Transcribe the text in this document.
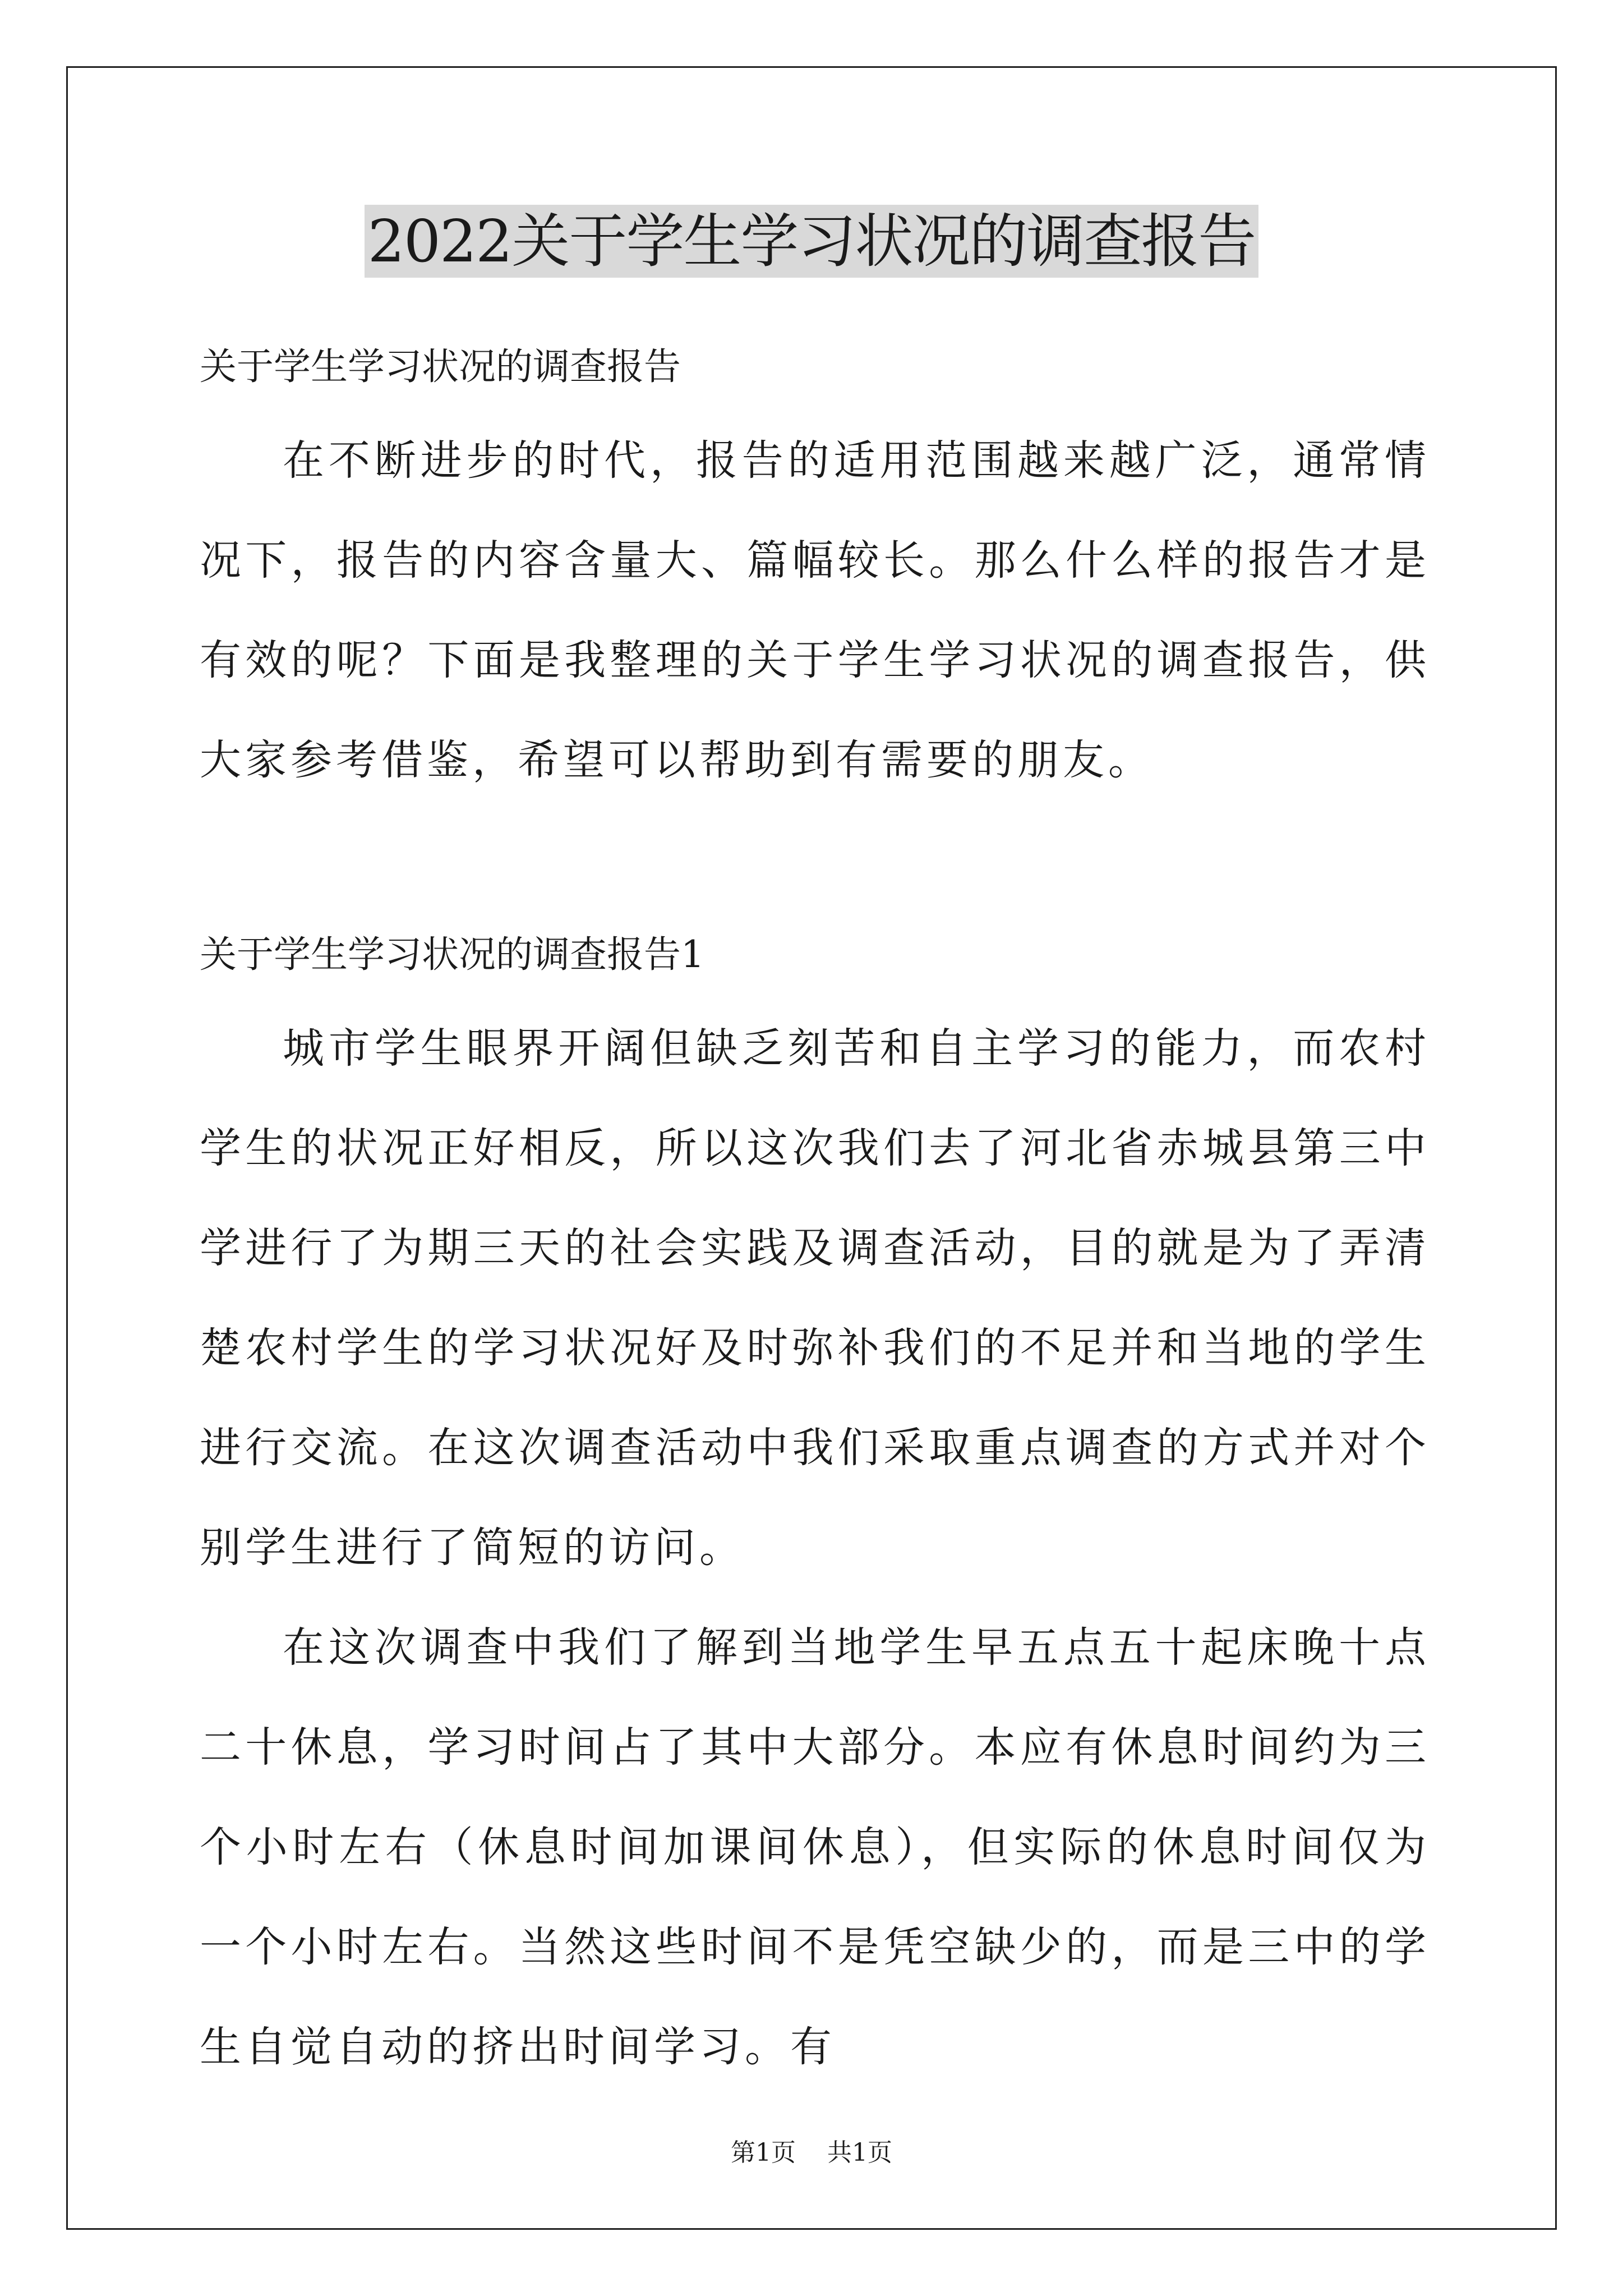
2022关于学生学习状况的调查报告

关于学生学习状况的调查报告

在不断进步的时代，报告的适用范围越来越广泛，通常情况下，报告的内容含量大、篇幅较长。那么什么样的报告才是有效的呢？下面是我整理的关于学生学习状况的调查报告，供大家参考借鉴，希望可以帮助到有需要的朋友。

关于学生学习状况的调查报告1

城市学生眼界开阔但缺乏刻苦和自主学习的能力，而农村学生的状况正好相反，所以这次我们去了河北省赤城县第三中学进行了为期三天的社会实践及调查活动，目的就是为了弄清楚农村学生的学习状况好及时弥补我们的不足并和当地的学生进行交流。在这次调查活动中我们采取重点调查的方式并对个别学生进行了简短的访问。

在这次调查中我们了解到当地学生早五点五十起床晚十点二十休息，学习时间占了其中大部分。本应有休息时间约为三个小时左右（休息时间加课间休息），但实际的休息时间仅为一个小时左右。当然这些时间不是凭空缺少的，而是三中的学生自觉自动的挤出时间学习。有

第1页 共1页
